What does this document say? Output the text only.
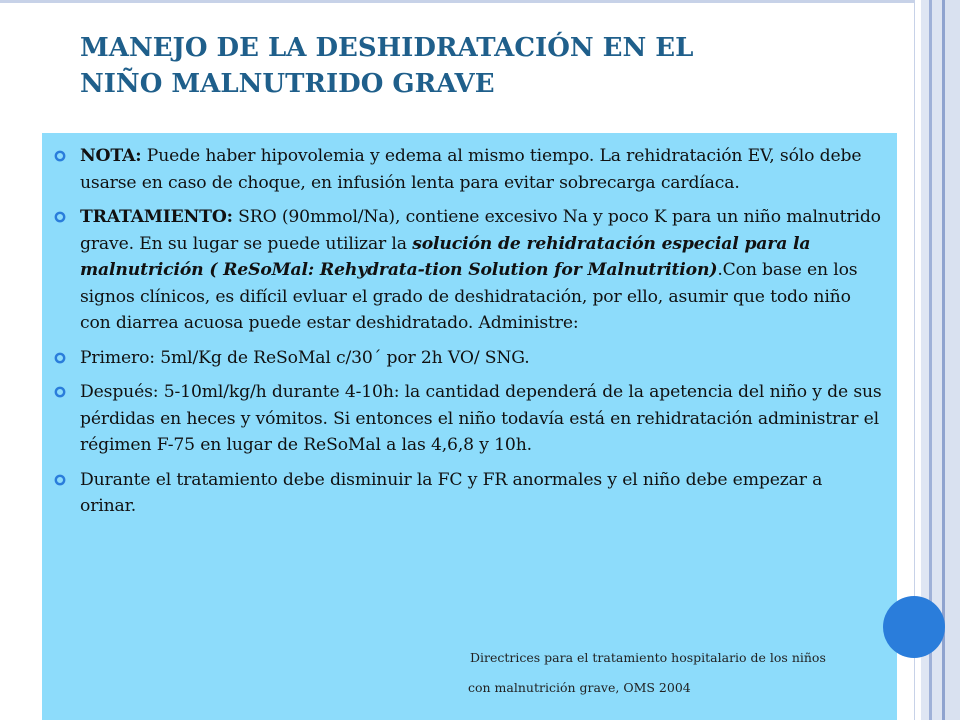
MANEJO DE LA DESHIDRATACIÓN EN EL
NIÑO MALNUTRIDO GRAVE
NOTA: Puede haber hipovolemia y edema al mismo tiempo. La rehidratación EV, sólo debe usarse en caso de choque, en infusión lenta para evitar sobrecarga cardíaca.
TRATAMIENTO: SRO (90mmol/Na), contiene excesivo Na y poco K para un niño malnutrido grave. En su lugar se puede utilizar la solución de rehidratación especial para la malnutrición ( ReSoMal: Rehydrata-tion Solution for Malnutrition).Con base en los signos clínicos, es difícil evluar el grado de deshidratación, por ello, asumir que todo niño con diarrea acuosa puede estar deshidratado. Administre:
Primero: 5ml/Kg de ReSoMal c/30´ por 2h VO/ SNG.
Después: 5-10ml/kg/h durante 4-10h: la cantidad dependerá de la apetencia del niño y de sus pérdidas en heces y vómitos. Si entonces el niño todavía está en rehidratación administrar el régimen F-75 en lugar de ReSoMal a las 4,6,8 y 10h.
Durante el tratamiento debe disminuir la FC y FR anormales y el niño debe empezar a orinar.
Directrices para el tratamiento hospitalario de los niños
con malnutrición grave, OMS 2004
